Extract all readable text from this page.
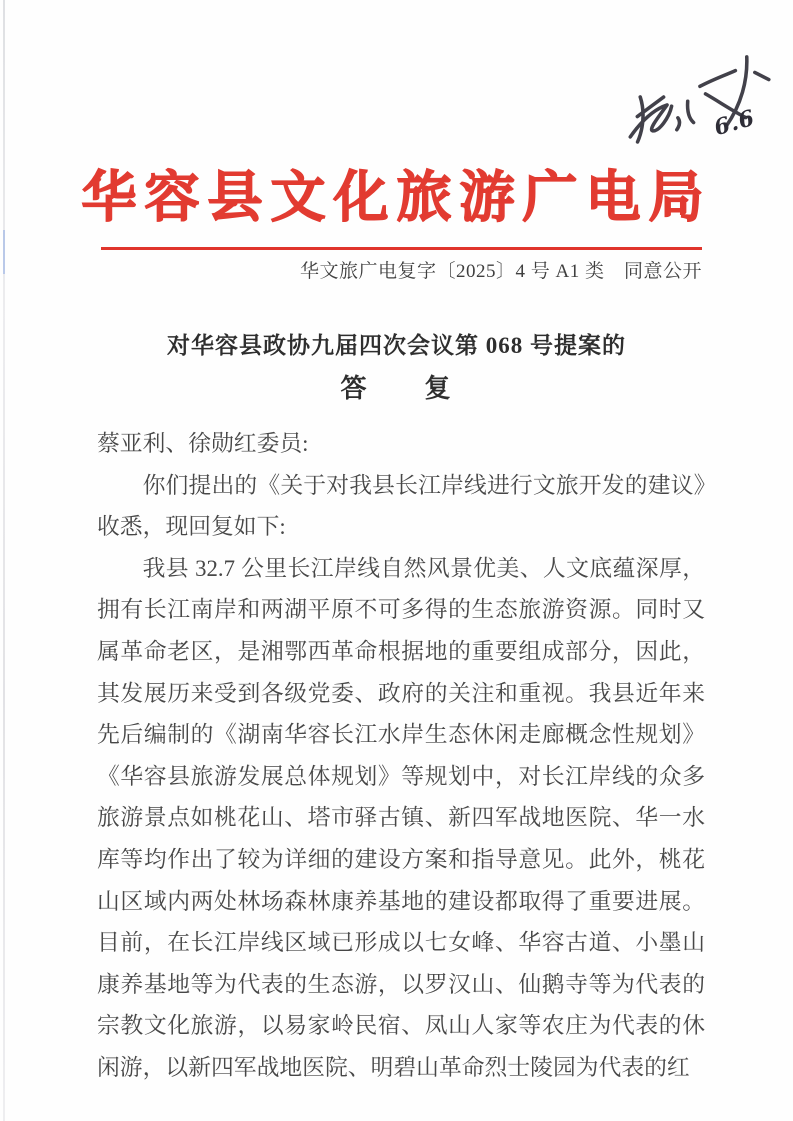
6.6
华容县文化旅游广电局
华文旅广电复字〔2025〕4 号 A1 类　同意公开
对华容县政协九届四次会议第 068 号提案的
答　　复

蔡亚利、徐勋红委员:

你们提出的《关于对我县长江岸线进行文旅开发的建议》收悉，现回复如下:

我县 32.7 公里长江岸线自然风景优美、人文底蕴深厚，拥有长江南岸和两湖平原不可多得的生态旅游资源。同时又属革命老区，是湘鄂西革命根据地的重要组成部分，因此，其发展历来受到各级党委、政府的关注和重视。我县近年来先后编制的《湖南华容长江水岸生态休闲走廊概念性规划》《华容县旅游发展总体规划》等规划中，对长江岸线的众多旅游景点如桃花山、塔市驿古镇、新四军战地医院、华一水库等均作出了较为详细的建设方案和指导意见。此外，桃花山区域内两处林场森林康养基地的建设都取得了重要进展。目前，在长江岸线区域已形成以七女峰、华容古道、小墨山康养基地等为代表的生态游，以罗汉山、仙鹅寺等为代表的宗教文化旅游，以易家岭民宿、凤山人家等农庄为代表的休闲游，以新四军战地医院、明碧山革命烈士陵园为代表的红
